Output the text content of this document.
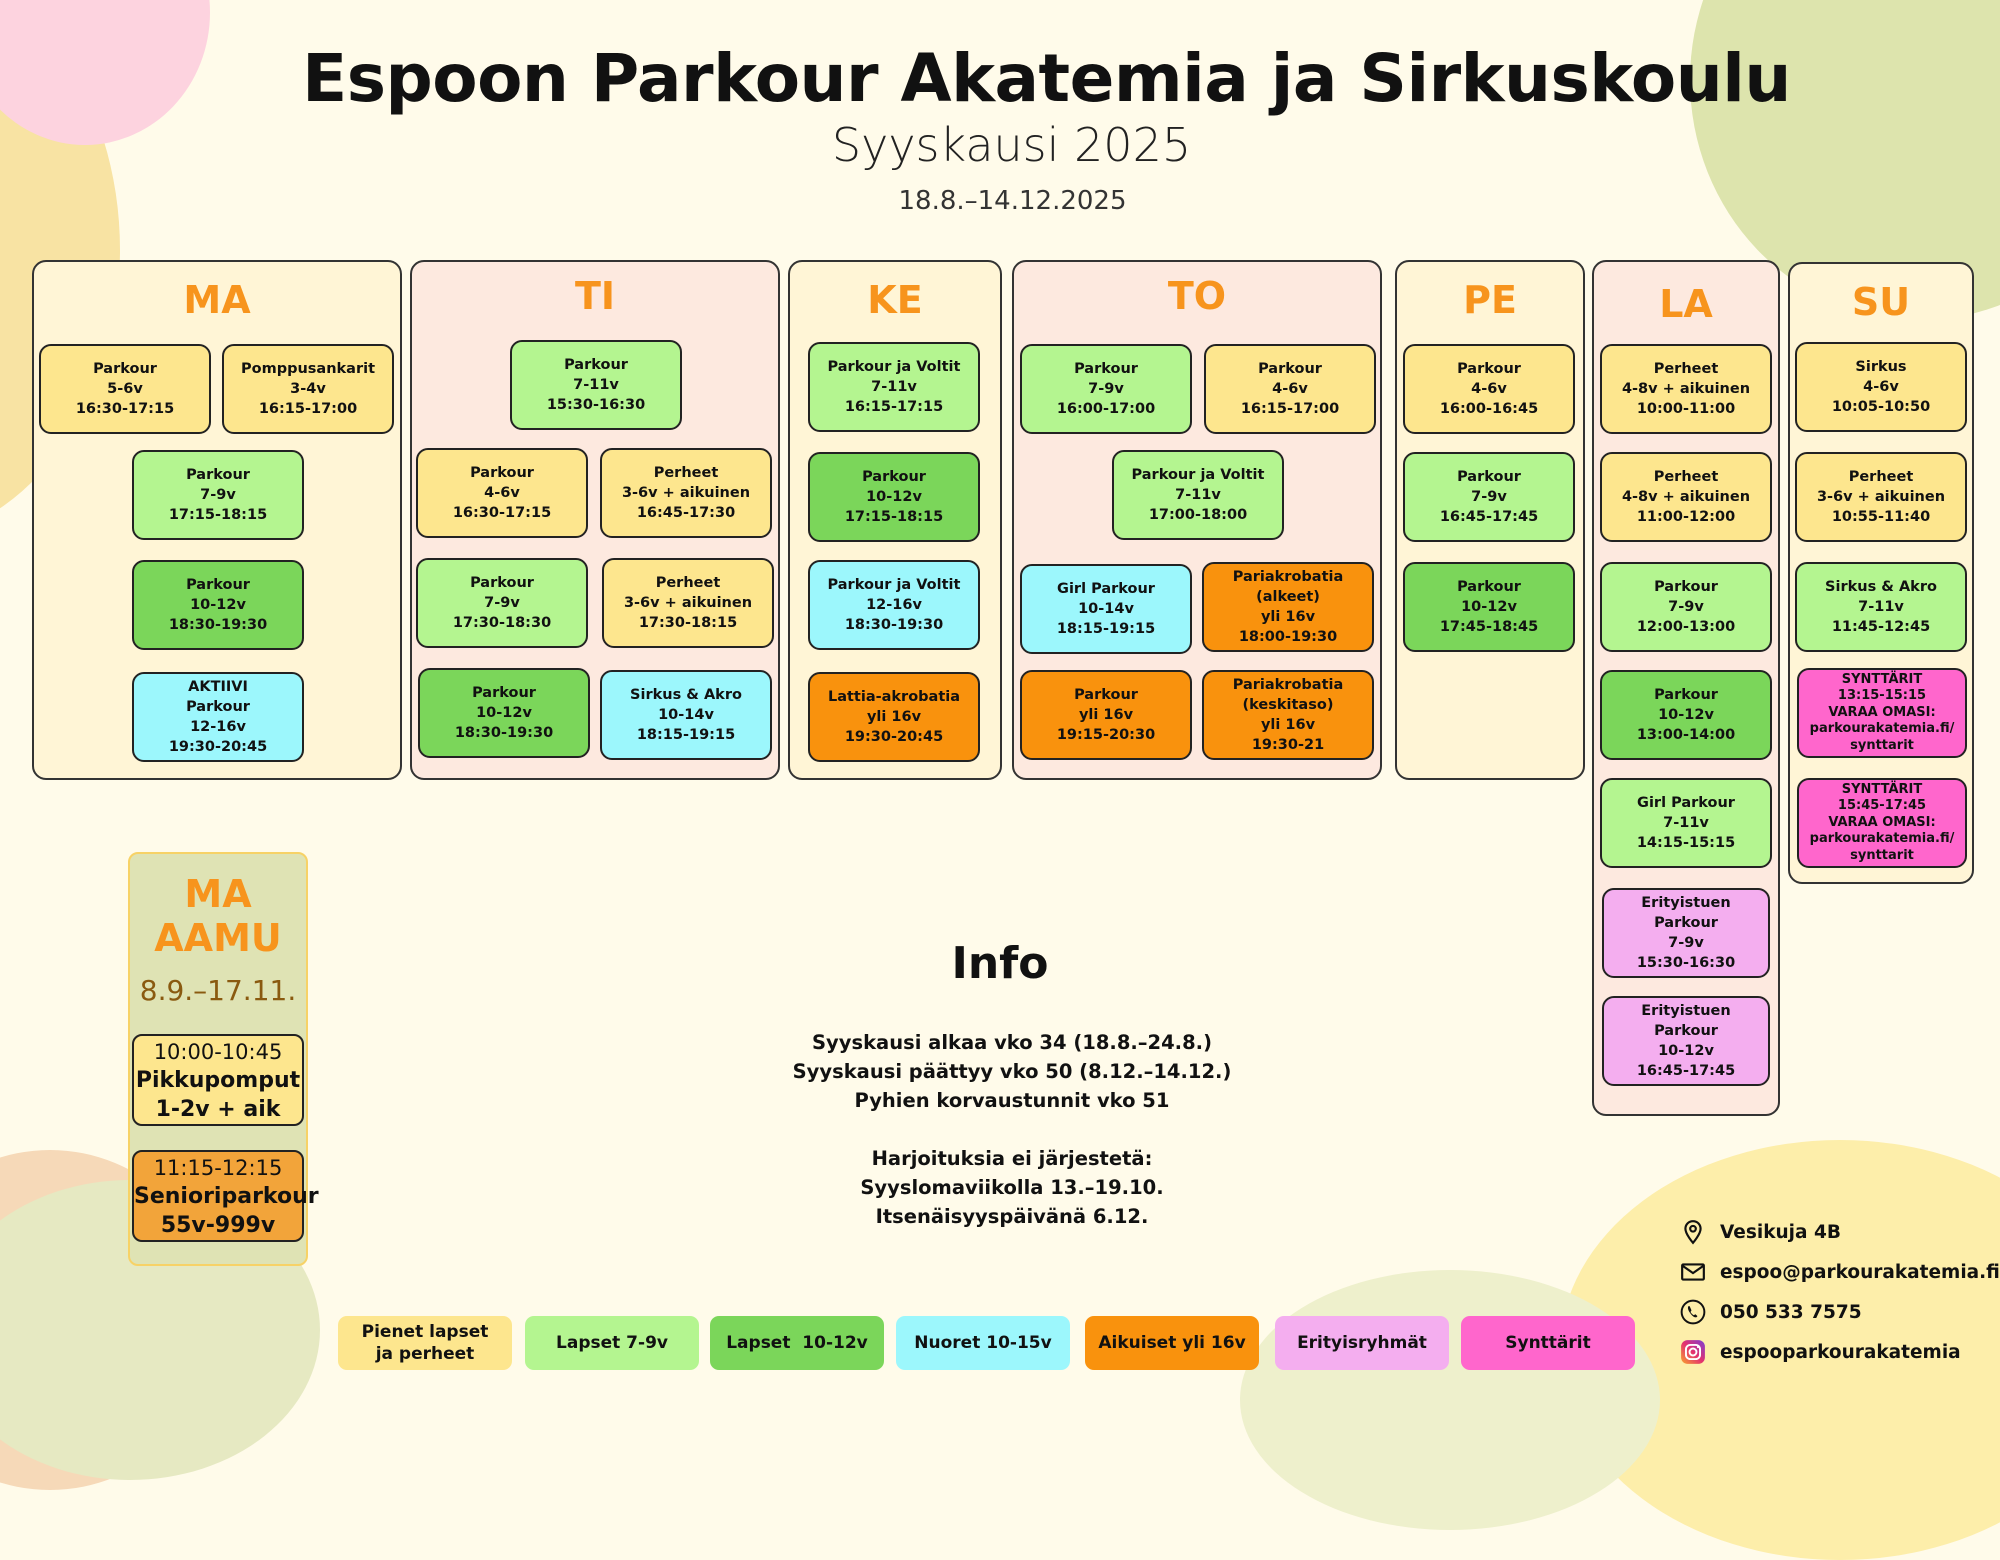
Espoon Parkour Akatemia ja Sirkuskoulu
Syyskausi 2025
18.8.–14.12.2025
MA
Parkour
5-6v
16:30-17:15
Pomppusankarit
3-4v
16:15-17:00
Parkour
7-9v
17:15-18:15
Parkour
10-12v
18:30-19:30
AKTIIVI
Parkour
12-16v
19:30-20:45
TI
Parkour
7-11v
15:30-16:30
Parkour
4-6v
16:30-17:15
Perheet
3-6v + aikuinen
16:45-17:30
Parkour
7-9v
17:30-18:30
Perheet
3-6v + aikuinen
17:30-18:15
Parkour
10-12v
18:30-19:30
Sirkus & Akro
10-14v
18:15-19:15
KE
Parkour ja Voltit
7-11v
16:15-17:15
Parkour
10-12v
17:15-18:15
Parkour ja Voltit
12-16v
18:30-19:30
Lattia-akrobatia
yli 16v
19:30-20:45
TO
Parkour
7-9v
16:00-17:00
Parkour
4-6v
16:15-17:00
Parkour ja Voltit
7-11v
17:00-18:00
Girl Parkour
10-14v
18:15-19:15
Pariakrobatia
(alkeet)
yli 16v
18:00-19:30
Parkour
yli 16v
19:15-20:30
Pariakrobatia
(keskitaso)
yli 16v
19:30-21
PE
Parkour
4-6v
16:00-16:45
Parkour
7-9v
16:45-17:45
Parkour
10-12v
17:45-18:45
LA
Perheet
4-8v + aikuinen
10:00-11:00
Perheet
4-8v + aikuinen
11:00-12:00
Parkour
7-9v
12:00-13:00
Parkour
10-12v
13:00-14:00
Girl Parkour
7-11v
14:15-15:15
Erityistuen
Parkour
7-9v
15:30-16:30
Erityistuen
Parkour
10-12v
16:45-17:45
SU
Sirkus
4-6v
10:05-10:50
Perheet
3-6v + aikuinen
10:55-11:40
Sirkus & Akro
7-11v
11:45-12:45
SYNTTÄRIT
13:15-15:15
VARAA OMASI:
parkourakatemia.fi/
synttarit
SYNTTÄRIT
15:45-17:45
VARAA OMASI:
parkourakatemia.fi/
synttarit
MA
AAMU
8.9.–17.11.
10:00-10:45
Pikkupomput
1-2v + aik
11:15-12:15
Senioriparkour
55v-999v
Info
Syyskausi alkaa vko 34 (18.8.–24.8.)
Syyskausi päättyy vko 50 (8.12.–14.12.)
Pyhien korvaustunnit vko 51
Harjoituksia ei järjestetä:
Syyslomaviikolla 13.–19.10.
Itsenäisyyspäivänä 6.12.
Vesikuja 4B
espoo@parkourakatemia.fi
050 533 7575
espooparkourakatemia
Pienet lapset
ja perheet
Lapset 7-9v	Lapset  10-12v	Nuoret 10-15v	Aikuiset yli 16v	Erityisryhmät	Synttärit
